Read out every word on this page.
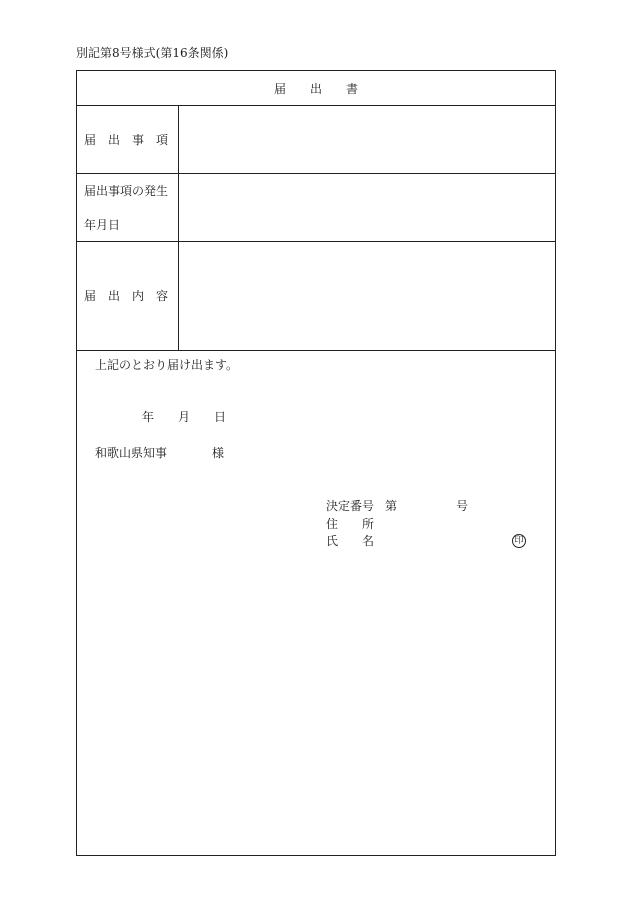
別記第8号様式(第16条関係)
届　　出　　書
届　出　事　項
届出事項の発生
年月日
届　出　内　容
上記のとおり届け出ます。
年　　月　　日
和歌山県知事	様
決定番号 第	号
住　　所
氏　　名	印
